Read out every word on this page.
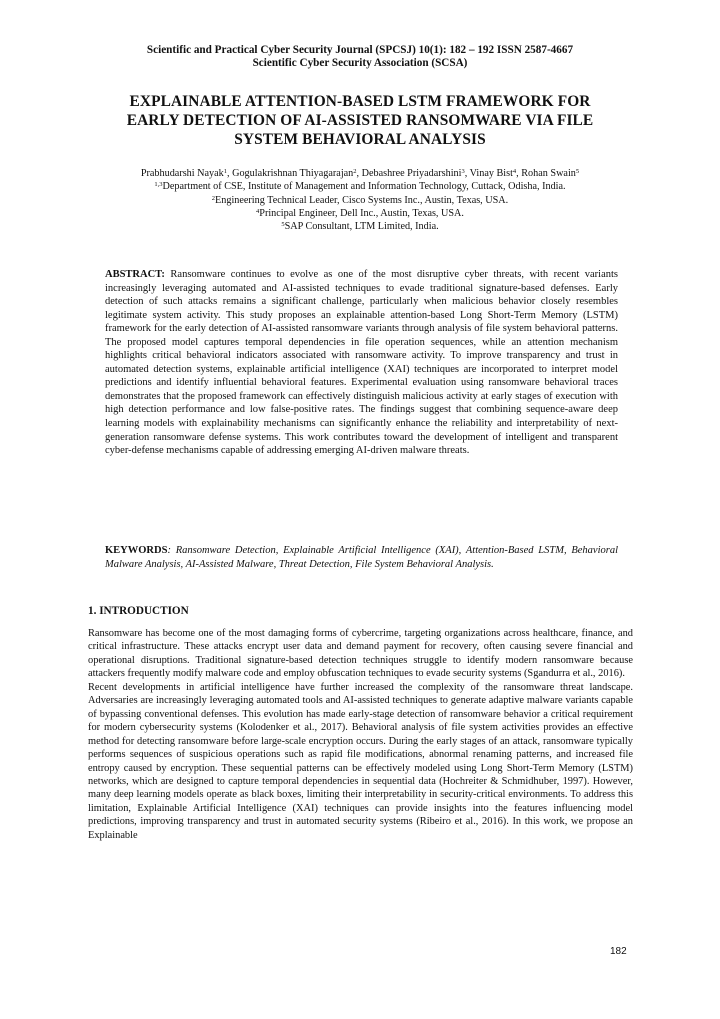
Scientific and Practical Cyber Security Journal (SPCSJ) 10(1): 182 – 192 ISSN 2587-4667
Scientific Cyber Security Association (SCSA)
EXPLAINABLE ATTENTION-BASED LSTM FRAMEWORK FOR
EARLY DETECTION OF AI-ASSISTED RANSOMWARE VIA FILE
SYSTEM BEHAVIORAL ANALYSIS
Prabhudarshi Nayak$^1$, Gogulakrishnan Thiyagarajan$^2$, Debashree Priyadarshini$^3$, Vinay Bist$^4$, Rohan Swain$^5$
$^{1,3}$Department of CSE, Institute of Management and Information Technology, Cuttack, Odisha, India.
$^2$Engineering Technical Leader, Cisco Systems Inc., Austin, Texas, USA.
$^4$Principal Engineer, Dell Inc., Austin, Texas, USA.
$^5$SAP Consultant, LTM Limited, India.
ABSTRACT: Ransomware continues to evolve as one of the most disruptive cyber threats, with recent variants increasingly leveraging automated and AI-assisted techniques to evade traditional signature-based defenses. Early detection of such attacks remains a significant challenge, particularly when malicious behavior closely resembles legitimate system activity. This study proposes an explainable attention-based Long Short-Term Memory (LSTM) framework for the early detection of AI-assisted ransomware variants through analysis of file system behavioral patterns. The proposed model captures temporal dependencies in file operation sequences, while an attention mechanism highlights critical behavioral indicators associated with ransomware activity. To improve transparency and trust in automated detection systems, explainable artificial intelligence (XAI) techniques are incorporated to interpret model predictions and identify influential behavioral features. Experimental evaluation using ransomware behavioral traces demonstrates that the proposed framework can effectively distinguish malicious activity at early stages of execution with high detection performance and low false-positive rates. The findings suggest that combining sequence-aware deep learning models with explainability mechanisms can significantly enhance the reliability and interpretability of next-generation ransomware defense systems. This work contributes toward the development of intelligent and transparent cyber-defense mechanisms capable of addressing emerging AI-driven malware threats.
KEYWORDS: Ransomware Detection, Explainable Artificial Intelligence (XAI), Attention-Based LSTM, Behavioral Malware Analysis, AI-Assisted Malware, Threat Detection, File System Behavioral Analysis.
1. INTRODUCTION

Ransomware has become one of the most damaging forms of cybercrime, targeting organizations across healthcare, finance, and critical infrastructure. These attacks encrypt user data and demand payment for recovery, often causing severe financial and operational disruptions. Traditional signature-based detection techniques struggle to identify modern ransomware because attackers frequently modify malware code and employ obfuscation techniques to evade security systems (Sgandurra et al., 2016).

Recent developments in artificial intelligence have further increased the complexity of the ransomware threat landscape. Adversaries are increasingly leveraging automated tools and AI-assisted techniques to generate adaptive malware variants capable of bypassing conventional defenses. This evolution has made early-stage detection of ransomware behavior a critical requirement for modern cybersecurity systems (Kolodenker et al., 2017). Behavioral analysis of file system activities provides an effective method for detecting ransomware before large-scale encryption occurs. During the early stages of an attack, ransomware typically performs sequences of suspicious operations such as rapid file modifications, abnormal renaming patterns, and increased file entropy caused by encryption. These sequential patterns can be effectively modeled using Long Short-Term Memory (LSTM) networks, which are designed to capture temporal dependencies in sequential data (Hochreiter & Schmidhuber, 1997). However, many deep learning models operate as black boxes, limiting their interpretability in security-critical environments. To address this limitation, Explainable Artificial Intelligence (XAI) techniques can provide insights into the features influencing model predictions, improving transparency and trust in automated security systems (Ribeiro et al., 2016). In this work, we propose an Explainable

182
